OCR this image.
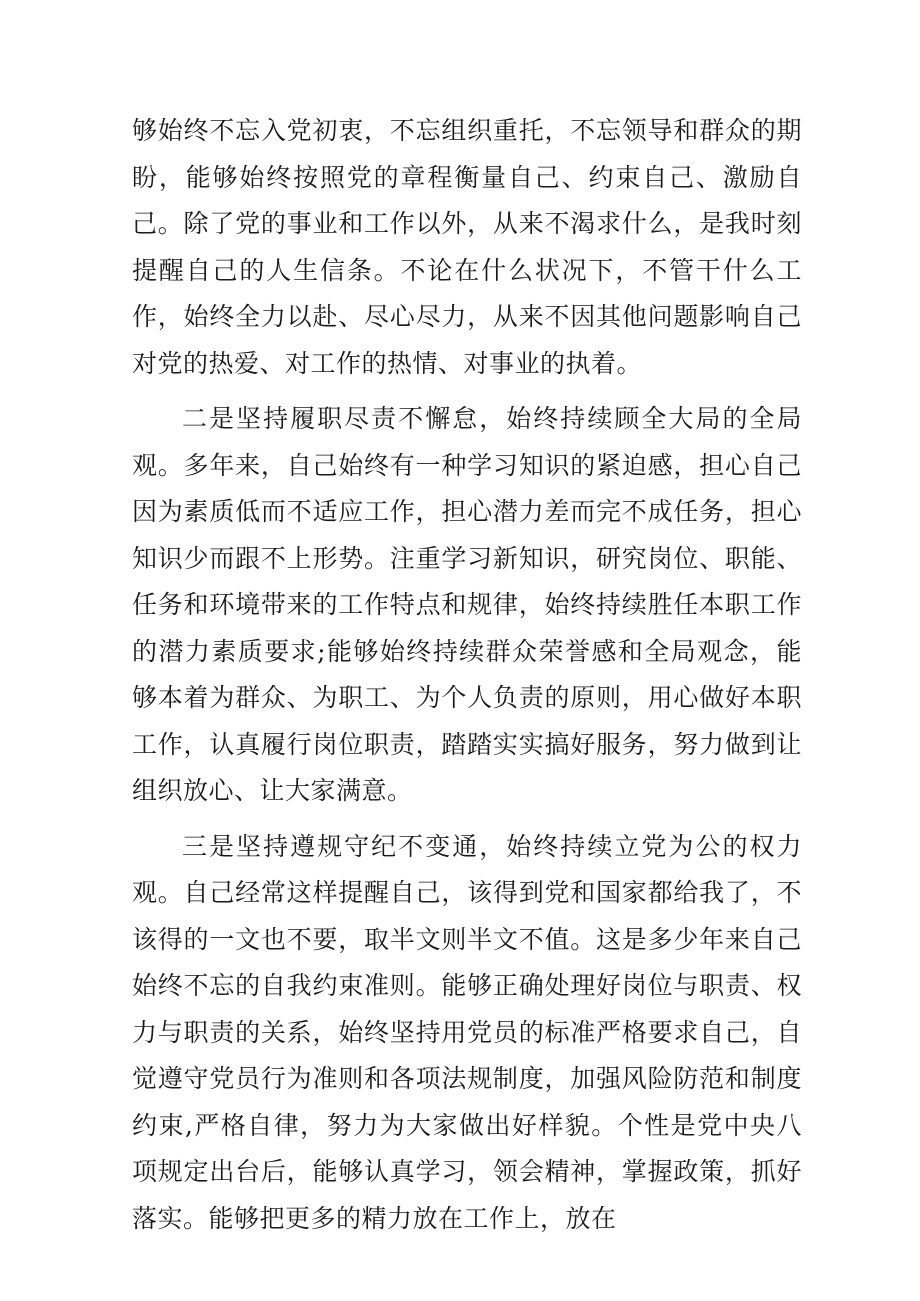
够始终不忘入党初衷，不忘组织重托，不忘领导和群众的期盼，能够始终按照党的章程衡量自己、约束自己、激励自己。除了党的事业和工作以外，从来不渴求什么，是我时刻提醒自己的人生信条。不论在什么状况下，不管干什么工作，始终全力以赴、尽心尽力，从来不因其他问题影响自己对党的热爱、对工作的热情、对事业的执着。

二是坚持履职尽责不懈怠，始终持续顾全大局的全局观。多年来，自己始终有一种学习知识的紧迫感，担心自己因为素质低而不适应工作，担心潜力差而完不成任务，担心知识少而跟不上形势。注重学习新知识，研究岗位、职能、任务和环境带来的工作特点和规律，始终持续胜任本职工作的潜力素质要求;能够始终持续群众荣誉感和全局观念，能够本着为群众、为职工、为个人负责的原则，用心做好本职工作，认真履行岗位职责，踏踏实实搞好服务，努力做到让组织放心、让大家满意。

三是坚持遵规守纪不变通，始终持续立党为公的权力观。自己经常这样提醒自己，该得到党和国家都给我了，不该得的一文也不要，取半文则半文不值。这是多少年来自己始终不忘的自我约束准则。能够正确处理好岗位与职责、权力与职责的关系，始终坚持用党员的标准严格要求自己，自觉遵守党员行为准则和各项法规制度，加强风险防范和制度约束,严格自律，努力为大家做出好样貌。个性是党中央八项规定出台后，能够认真学习，领会精神，掌握政策，抓好落实。能够把更多的精力放在工作上，放在
